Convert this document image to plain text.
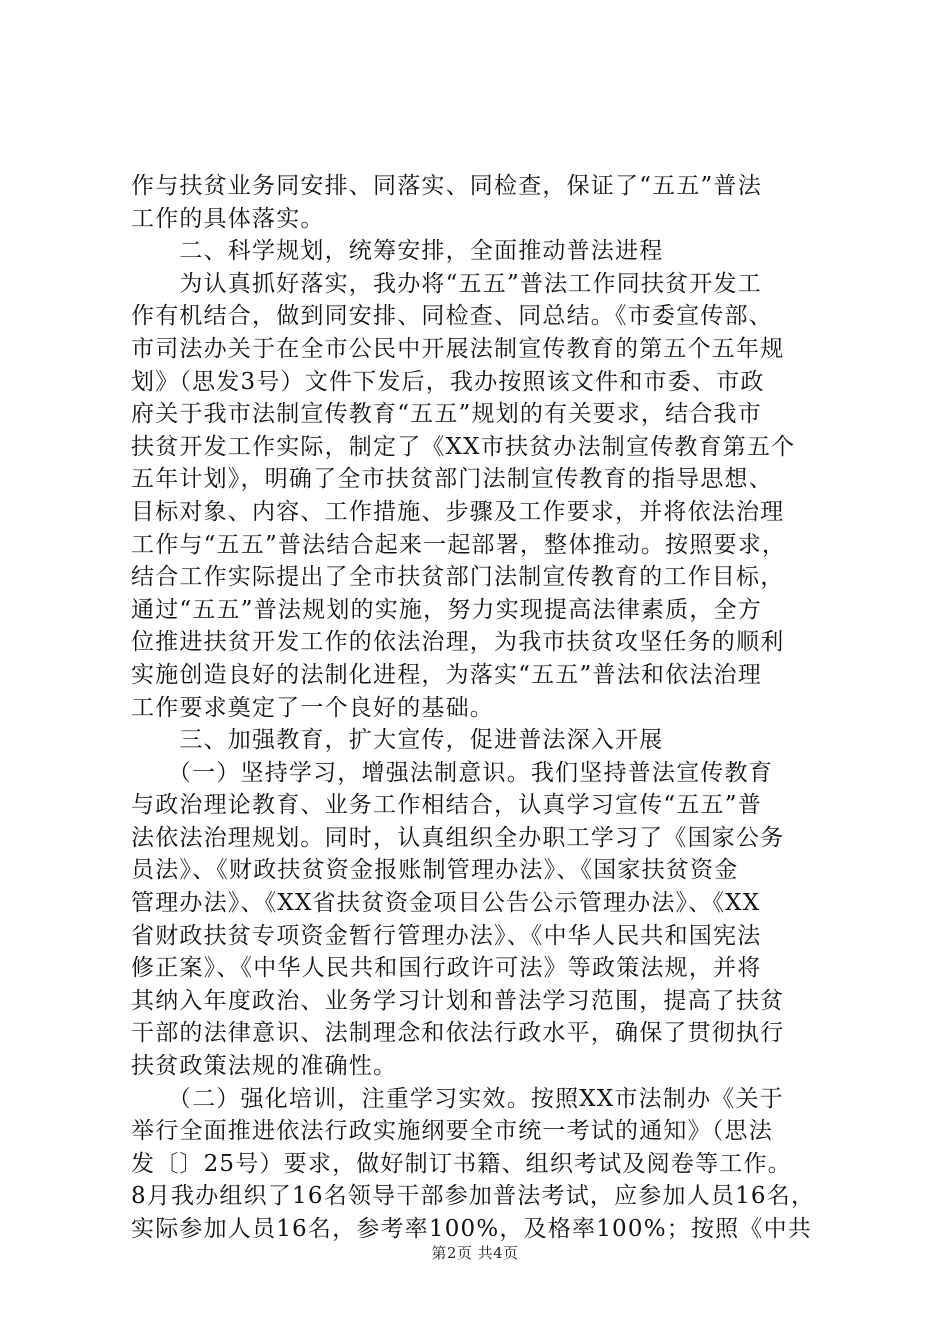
作与扶贫业务同安排、同落实、同检查，保证了“五五”普法
工作的具体落实。
　　二、科学规划，统筹安排，全面推动普法进程
　　为认真抓好落实，我办将“五五”普法工作同扶贫开发工
作有机结合，做到同安排、同检查、同总结。《市委宣传部、
市司法办关于在全市公民中开展法制宣传教育的第五个五年规
划》（思发3号）文件下发后，我办按照该文件和市委、市政
府关于我市法制宣传教育“五五”规划的有关要求，结合我市
扶贫开发工作实际，制定了《XX市扶贫办法制宣传教育第五个
五年计划》，明确了全市扶贫部门法制宣传教育的指导思想、
目标对象、内容、工作措施、步骤及工作要求，并将依法治理
工作与“五五”普法结合起来一起部署，整体推动。按照要求，
结合工作实际提出了全市扶贫部门法制宣传教育的工作目标，
通过“五五”普法规划的实施，努力实现提高法律素质，全方
位推进扶贫开发工作的依法治理，为我市扶贫攻坚任务的顺利
实施创造良好的法制化进程，为落实“五五”普法和依法治理
工作要求奠定了一个良好的基础。
　　三、加强教育，扩大宣传，促进普法深入开展
　　（一）坚持学习，增强法制意识。我们坚持普法宣传教育
与政治理论教育、业务工作相结合，认真学习宣传“五五”普
法依法治理规划。同时，认真组织全办职工学习了《国家公务
员法》、《财政扶贫资金报账制管理办法》、《国家扶贫资金
管理办法》、《XX省扶贫资金项目公告公示管理办法》、《XX
省财政扶贫专项资金暂行管理办法》、《中华人民共和国宪法
修正案》、《中华人民共和国行政许可法》等政策法规，并将
其纳入年度政治、业务学习计划和普法学习范围，提高了扶贫
干部的法律意识、法制理念和依法行政水平，确保了贯彻执行
扶贫政策法规的准确性。
　　（二）强化培训，注重学习实效。按照XX市法制办《关于
举行全面推进依法行政实施纲要全市统一考试的通知》（思法
发〔〕25号）要求，做好制订书籍、组织考试及阅卷等工作。
8月我办组织了16名领导干部参加普法考试，应参加人员16名，
实际参加人员16名，参考率100%，及格率100%；按照《中共
第2页 共4页
